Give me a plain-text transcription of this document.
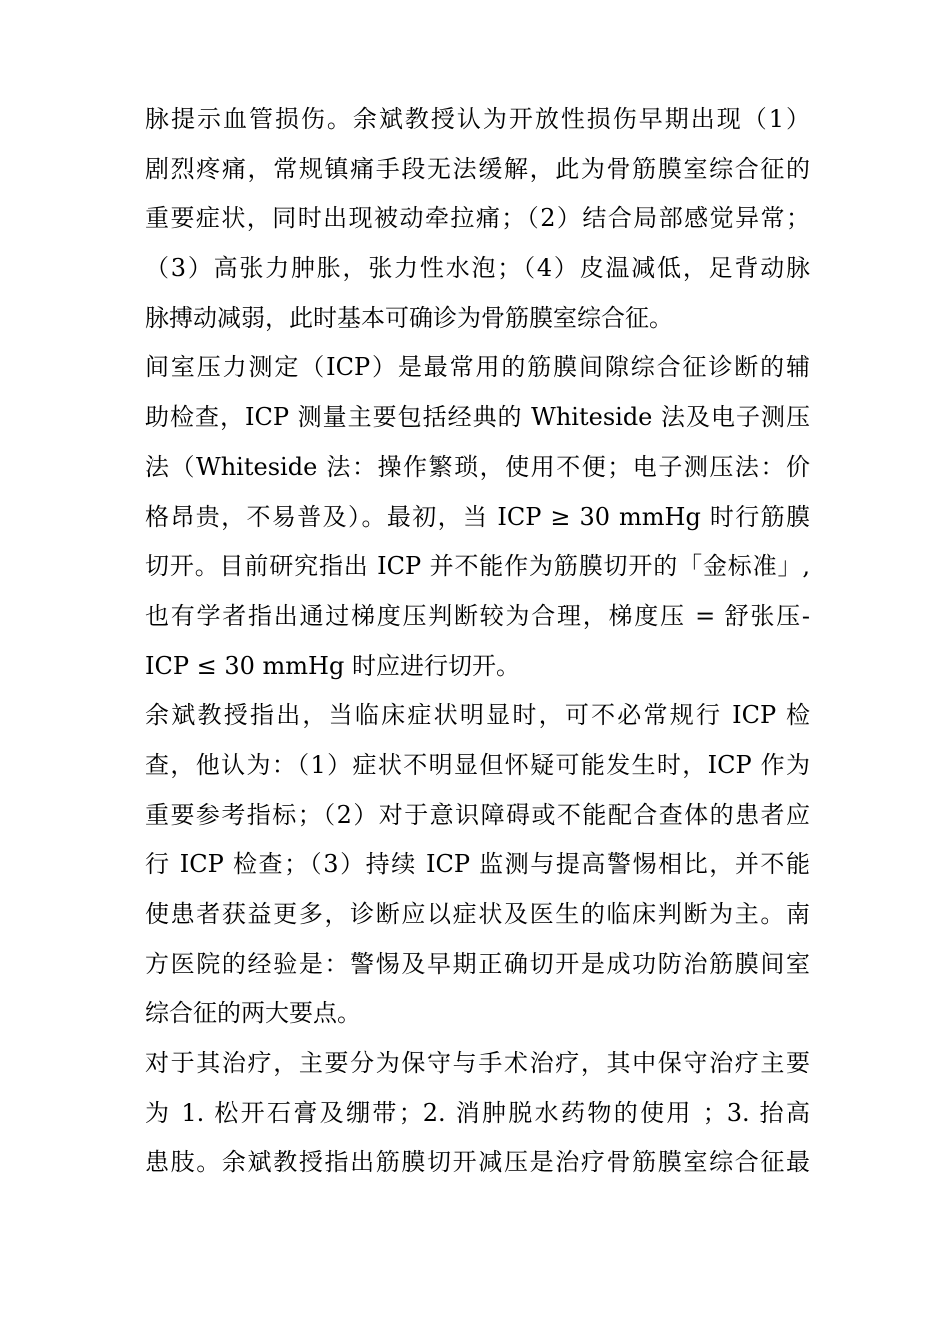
脉提示血管损伤。余斌教授认为开放性损伤早期出现（1）
剧烈疼痛，常规镇痛手段无法缓解，此为骨筋膜室综合征的
重要症状，同时出现被动牵拉痛；（2）结合局部感觉异常；
（3）高张力肿胀，张力性水泡；（4）皮温减低，足背动脉
脉搏动减弱，此时基本可确诊为骨筋膜室综合征。
间室压力测定（ICP）是最常用的筋膜间隙综合征诊断的辅
助检查，ICP 测量主要包括经典的 Whiteside 法及电子测压
法（Whiteside 法：操作繁琐，使用不便；电子测压法：价
格昂贵，不易普及）。最初，当 ICP ≥ 30 mmHg 时行筋膜
切开。目前研究指出 ICP 并不能作为筋膜切开的「金标准」,
也有学者指出通过梯度压判断较为合理，梯度压 = 舒张压-
ICP ≤ 30 mmHg 时应进行切开。
余斌教授指出，当临床症状明显时，可不必常规行 ICP 检
查，他认为：（1）症状不明显但怀疑可能发生时，ICP 作为
重要参考指标；（2）对于意识障碍或不能配合查体的患者应
行 ICP 检查；（3）持续 ICP 监测与提高警惕相比，并不能
使患者获益更多，诊断应以症状及医生的临床判断为主。南
方医院的经验是：警惕及早期正确切开是成功防治筋膜间室
综合征的两大要点。
对于其治疗，主要分为保守与手术治疗，其中保守治疗主要
为 1. 松开石膏及绷带；2. 消肿脱水药物的使用 ；3. 抬高
患肢。余斌教授指出筋膜切开减压是治疗骨筋膜室综合征最
